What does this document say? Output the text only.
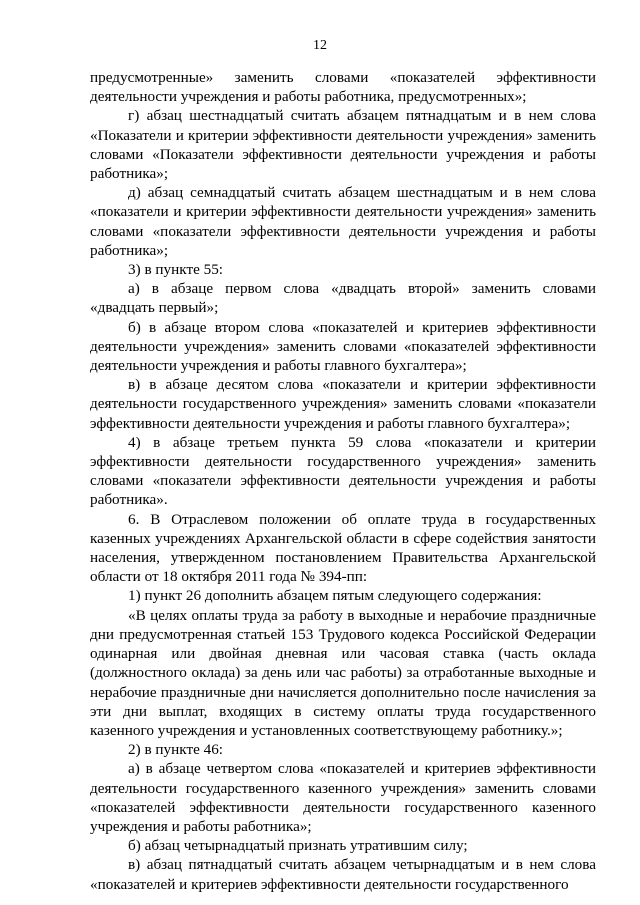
12

предусмотренные» заменить словами «показателей эффективности деятельности учреждения и работы работника, предусмотренных»;

г) абзац шестнадцатый считать абзацем пятнадцатым и в нем слова «Показатели и критерии эффективности деятельности учреждения» заменить словами «Показатели эффективности деятельности учреждения и работы работника»;

д) абзац семнадцатый считать абзацем шестнадцатым и в нем слова «показатели и критерии эффективности деятельности учреждения» заменить словами «показатели эффективности деятельности учреждения и работы работника»;

3) в пункте 55:

а) в абзаце первом слова «двадцать второй» заменить словами «двадцать первый»;

б) в абзаце втором слова «показателей и критериев эффективности деятельности учреждения» заменить словами «показателей эффективности деятельности учреждения и работы главного бухгалтера»;

в) в абзаце десятом слова «показатели и критерии эффективности деятельности государственного учреждения» заменить словами «показатели эффективности деятельности учреждения и работы главного бухгалтера»;

4) в абзаце третьем пункта 59 слова «показатели и критерии эффективности деятельности государственного учреждения» заменить словами «показатели эффективности деятельности учреждения и работы работника».

6. В Отраслевом положении об оплате труда в государственных казенных учреждениях Архангельской области в сфере содействия занятости населения, утвержденном постановлением Правительства Архангельской области от 18 октября 2011 года № 394-пп:

1) пункт 26 дополнить абзацем пятым следующего содержания:

«В целях оплаты труда за работу в выходные и нерабочие праздничные дни предусмотренная статьей 153 Трудового кодекса Российской Федерации одинарная или двойная дневная или часовая ставка (часть оклада (должностного оклада) за день или час работы) за отработанные выходные и нерабочие праздничные дни начисляется дополнительно после начисления за эти дни выплат, входящих в систему оплаты труда государственного казенного учреждения и установленных соответствующему работнику.»;

2) в пункте 46:

а) в абзаце четвертом слова «показателей и критериев эффективности деятельности государственного казенного учреждения» заменить словами «показателей эффективности деятельности государственного казенного учреждения и работы работника»;

б) абзац четырнадцатый признать утратившим силу;

в) абзац пятнадцатый считать абзацем четырнадцатым и в нем слова «показателей и критериев эффективности деятельности государственного
